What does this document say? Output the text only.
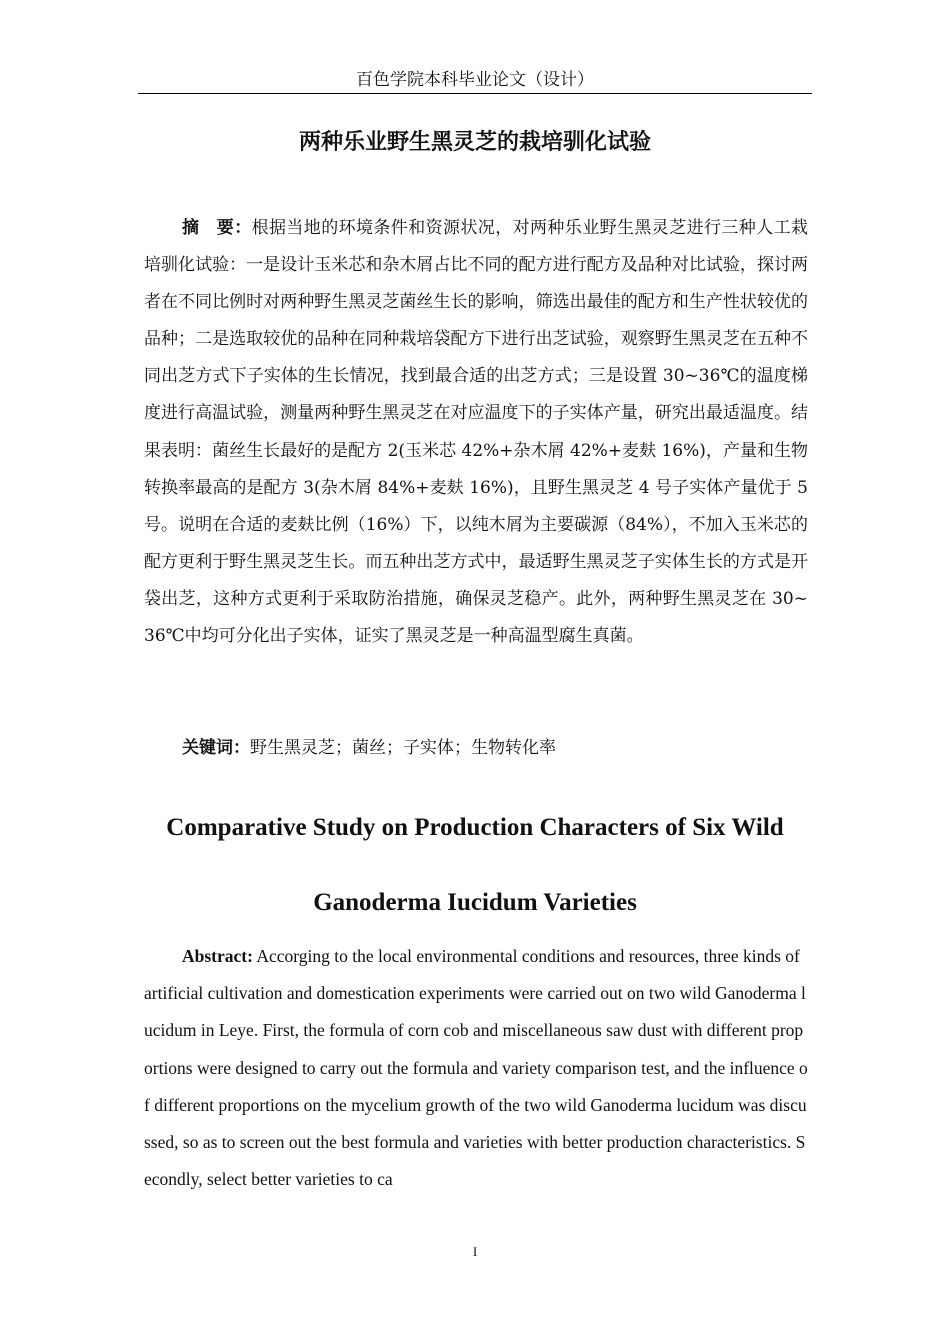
百色学院本科毕业论文（设计）
两种乐业野生黑灵芝的栽培驯化试验

摘　要：根据当地的环境条件和资源状况，对两种乐业野生黑灵芝进行三种人工栽培驯化试验：一是设计玉米芯和杂木屑占比不同的配方进行配方及品种对比试验，探讨两者在不同比例时对两种野生黑灵芝菌丝生长的影响，筛选出最佳的配方和生产性状较优的品种；二是选取较优的品种在同种栽培袋配方下进行出芝试验，观察野生黑灵芝在五种不同出芝方式下子实体的生长情况，找到最合适的出芝方式；三是设置 30~36℃的温度梯度进行高温试验，测量两种野生黑灵芝在对应温度下的子实体产量，研究出最适温度。结果表明：菌丝生长最好的是配方 2(玉米芯 42%+杂木屑 42%+麦麸 16%)，产量和生物转换率最高的是配方 3(杂木屑 84%+麦麸 16%)，且野生黑灵芝 4 号子实体产量优于 5 号。说明在合适的麦麸比例（16%）下，以纯木屑为主要碳源（84%），不加入玉米芯的配方更利于野生黑灵芝生长。而五种出芝方式中，最适野生黑灵芝子实体生长的方式是开袋出芝，这种方式更利于采取防治措施，确保灵芝稳产。此外，两种野生黑灵芝在 30~36℃中均可分化出子实体，证实了黑灵芝是一种高温型腐生真菌。

关键词：野生黑灵芝；菌丝；子实体；生物转化率

Comparative Study on Production Characters of Six Wild Ganoderma Iucidum Varieties

Abstract: Accorging to the local environmental conditions and resources, three kinds of artificial cultivation and domestication experiments were carried out on two wild Ganoderma lucidum in Leye. First, the formula of corn cob and miscellaneous saw dust with different proportions were designed to carry out the formula and variety comparison test, and the influence of different proportions on the mycelium growth of the two wild Ganoderma lucidum was discussed, so as to screen out the best formula and varieties with better production characteristics. Secondly, select better varieties to ca

I
